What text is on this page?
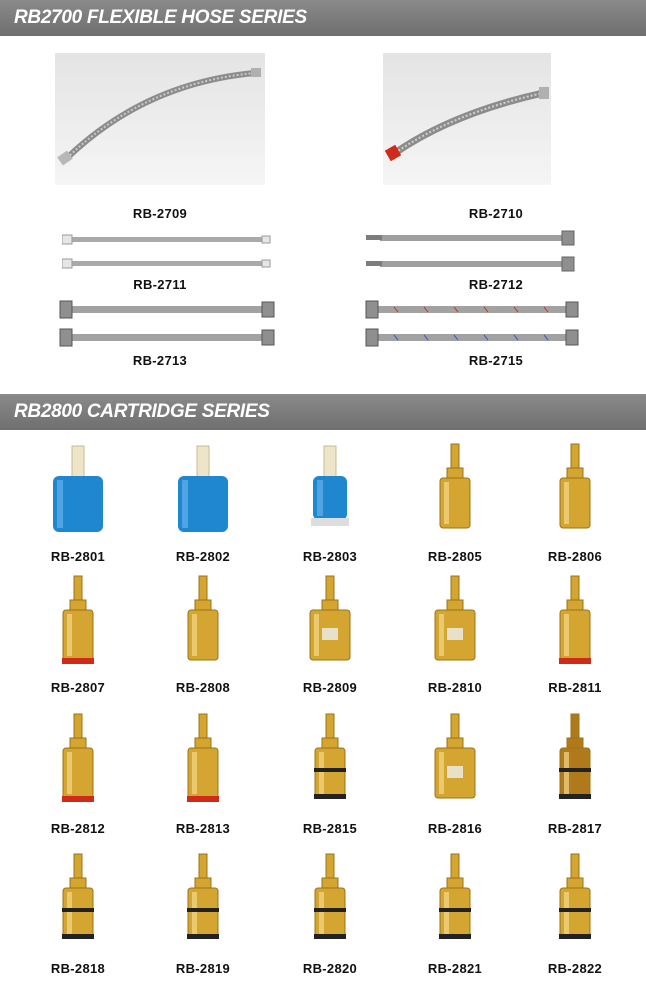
RB2700 FLEXIBLE HOSE SERIES
RB-2709	RB-2710
RB-2711	RB-2712
RB-2713	RB-2715
RB2800 CARTRIDGE SERIES
RB-2801	RB-2802	RB-2803	RB-2805	RB-2806
RB-2807	RB-2808	RB-2809	RB-2810	RB-2811
RB-2812	RB-2813	RB-2815	RB-2816	RB-2817
RB-2818	RB-2819	RB-2820	RB-2821	RB-2822
